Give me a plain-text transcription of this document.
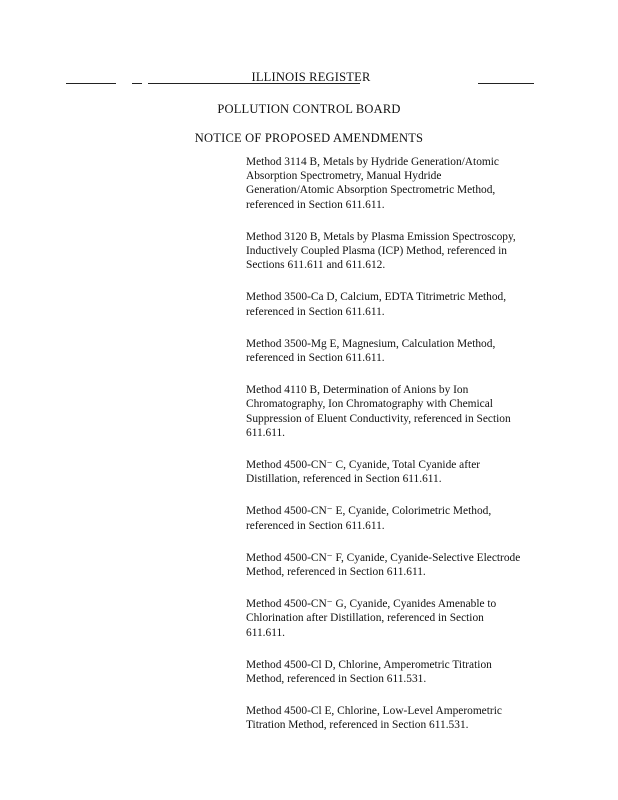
ILLINOIS REGISTER
POLLUTION CONTROL BOARD
NOTICE OF PROPOSED AMENDMENTS
Method 3114 B, Metals by Hydride Generation/Atomic
Absorption Spectrometry, Manual Hydride
Generation/Atomic Absorption Spectrometric Method,
referenced in Section 611.611.
Method 3120 B, Metals by Plasma Emission Spectroscopy,
Inductively Coupled Plasma (ICP) Method, referenced in
Sections 611.611 and 611.612.
Method 3500-Ca D, Calcium, EDTA Titrimetric Method,
referenced in Section 611.611.
Method 3500-Mg E, Magnesium, Calculation Method,
referenced in Section 611.611.
Method 4110 B, Determination of Anions by Ion
Chromatography, Ion Chromatography with Chemical
Suppression of Eluent Conductivity, referenced in Section
611.611.
Method 4500-CN⁻ C, Cyanide, Total Cyanide after
Distillation, referenced in Section 611.611.
Method 4500-CN⁻ E, Cyanide, Colorimetric Method,
referenced in Section 611.611.
Method 4500-CN⁻ F, Cyanide, Cyanide-Selective Electrode
Method, referenced in Section 611.611.
Method 4500-CN⁻ G, Cyanide, Cyanides Amenable to
Chlorination after Distillation, referenced in Section
611.611.
Method 4500-Cl D, Chlorine, Amperometric Titration
Method, referenced in Section 611.531.
Method 4500-Cl E, Chlorine, Low-Level Amperometric
Titration Method, referenced in Section 611.531.
